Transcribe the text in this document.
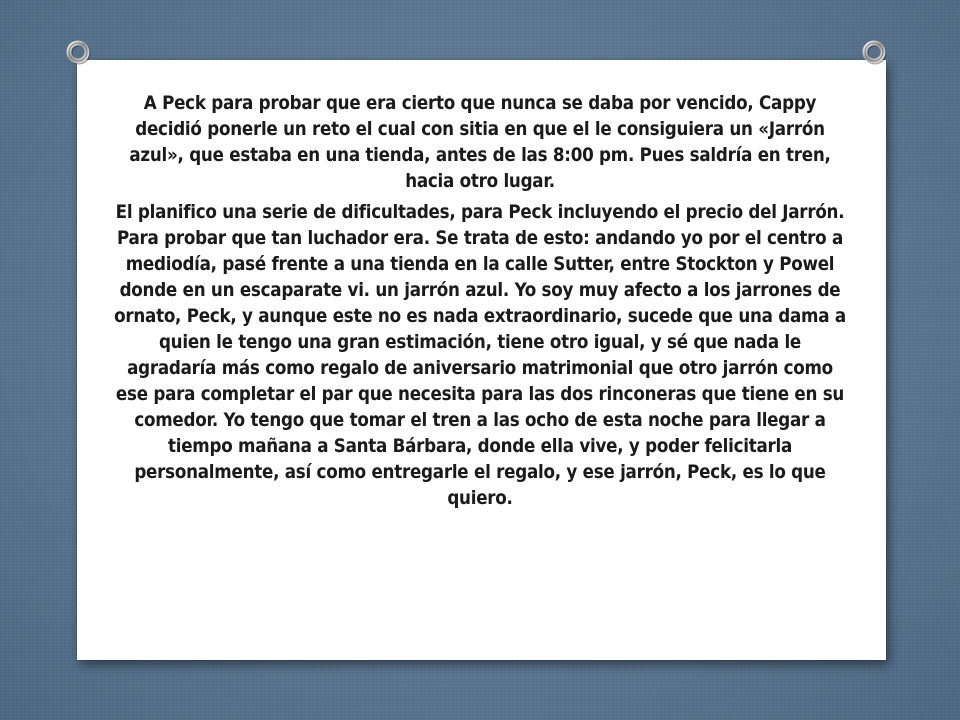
A Peck para probar que era cierto que nunca se daba por vencido, Cappy decidió ponerle un reto el cual con sitia en que el le consiguiera un «Jarrón azul», que estaba en una tienda, antes de las 8:00 pm. Pues saldría en tren, hacia otro lugar.

El planifico una serie de dificultades, para Peck incluyendo el precio del Jarrón. Para probar que tan luchador era. Se trata de esto: andando yo por el centro a mediodía, pasé frente a una tienda en la calle Sutter, entre Stockton y Powel donde en un escaparate vi. un jarrón azul. Yo soy muy afecto a los jarrones de ornato, Peck, y aunque este no es nada extraordinario, sucede que una dama a quien le tengo una gran estimación, tiene otro igual, y sé que nada le agradaría más como regalo de aniversario matrimonial que otro jarrón como ese para completar el par que necesita para las dos rinconeras que tiene en su comedor. Yo tengo que tomar el tren a las ocho de esta noche para llegar a tiempo mañana a Santa Bárbara, donde ella vive, y poder felicitarla personalmente, así como entregarle el regalo, y ese jarrón, Peck, es lo que quiero.
